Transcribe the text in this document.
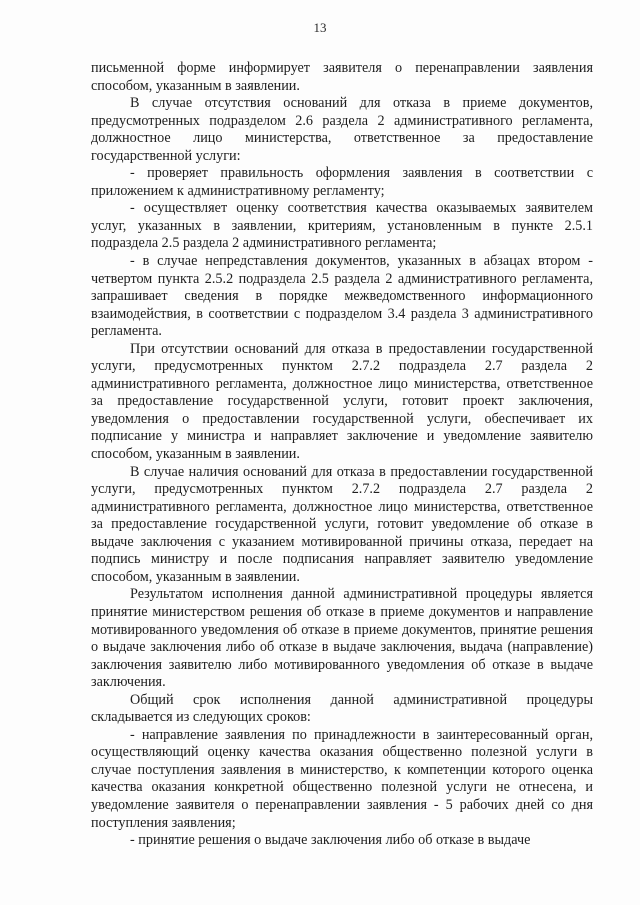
13

письменной форме информирует заявителя о перенаправлении заявления способом, указанным в заявлении.

В случае отсутствия оснований для отказа в приеме документов, предусмотренных подразделом 2.6 раздела 2 административного регламента, должностное лицо министерства, ответственное за предоставление государственной услуги:

- проверяет правильность оформления заявления в соответствии с приложением к административному регламенту;

- осуществляет оценку соответствия качества оказываемых заявителем услуг, указанных в заявлении, критериям, установленным в пункте 2.5.1 подраздела 2.5 раздела 2 административного регламента;

- в случае непредставления документов, указанных в абзацах втором - четвертом пункта 2.5.2 подраздела 2.5 раздела 2 административного регламента, запрашивает сведения в порядке межведомственного информационного взаимодействия, в соответствии с подразделом 3.4 раздела 3 административного регламента.

При отсутствии оснований для отказа в предоставлении государственной услуги, предусмотренных пунктом 2.7.2 подраздела 2.7 раздела 2 административного регламента, должностное лицо министерства, ответственное за предоставление государственной услуги, готовит проект заключения, уведомления о предоставлении государственной услуги, обеспечивает их подписание у министра и направляет заключение и уведомление заявителю способом, указанным в заявлении.

В случае наличия оснований для отказа в предоставлении государственной услуги, предусмотренных пунктом 2.7.2 подраздела 2.7 раздела 2 административного регламента, должностное лицо министерства, ответственное за предоставление государственной услуги, готовит уведомление об отказе в выдаче заключения с указанием мотивированной причины отказа, передает на подпись министру и после подписания направляет заявителю уведомление способом, указанным в заявлении.

Результатом исполнения данной административной процедуры является принятие министерством решения об отказе в приеме документов и направление мотивированного уведомления об отказе в приеме документов, принятие решения о выдаче заключения либо об отказе в выдаче заключения, выдача (направление) заключения заявителю либо мотивированного уведомления об отказе в выдаче заключения.

Общий срок исполнения данной административной процедуры складывается из следующих сроков:

- направление заявления по принадлежности в заинтересованный орган, осуществляющий оценку качества оказания общественно полезной услуги в случае поступления заявления в министерство, к компетенции которого оценка качества оказания конкретной общественно полезной услуги не отнесена, и уведомление заявителя о перенаправлении заявления - 5 рабочих дней со дня поступления заявления;

- принятие решения о выдаче заключения либо об отказе в выдаче
